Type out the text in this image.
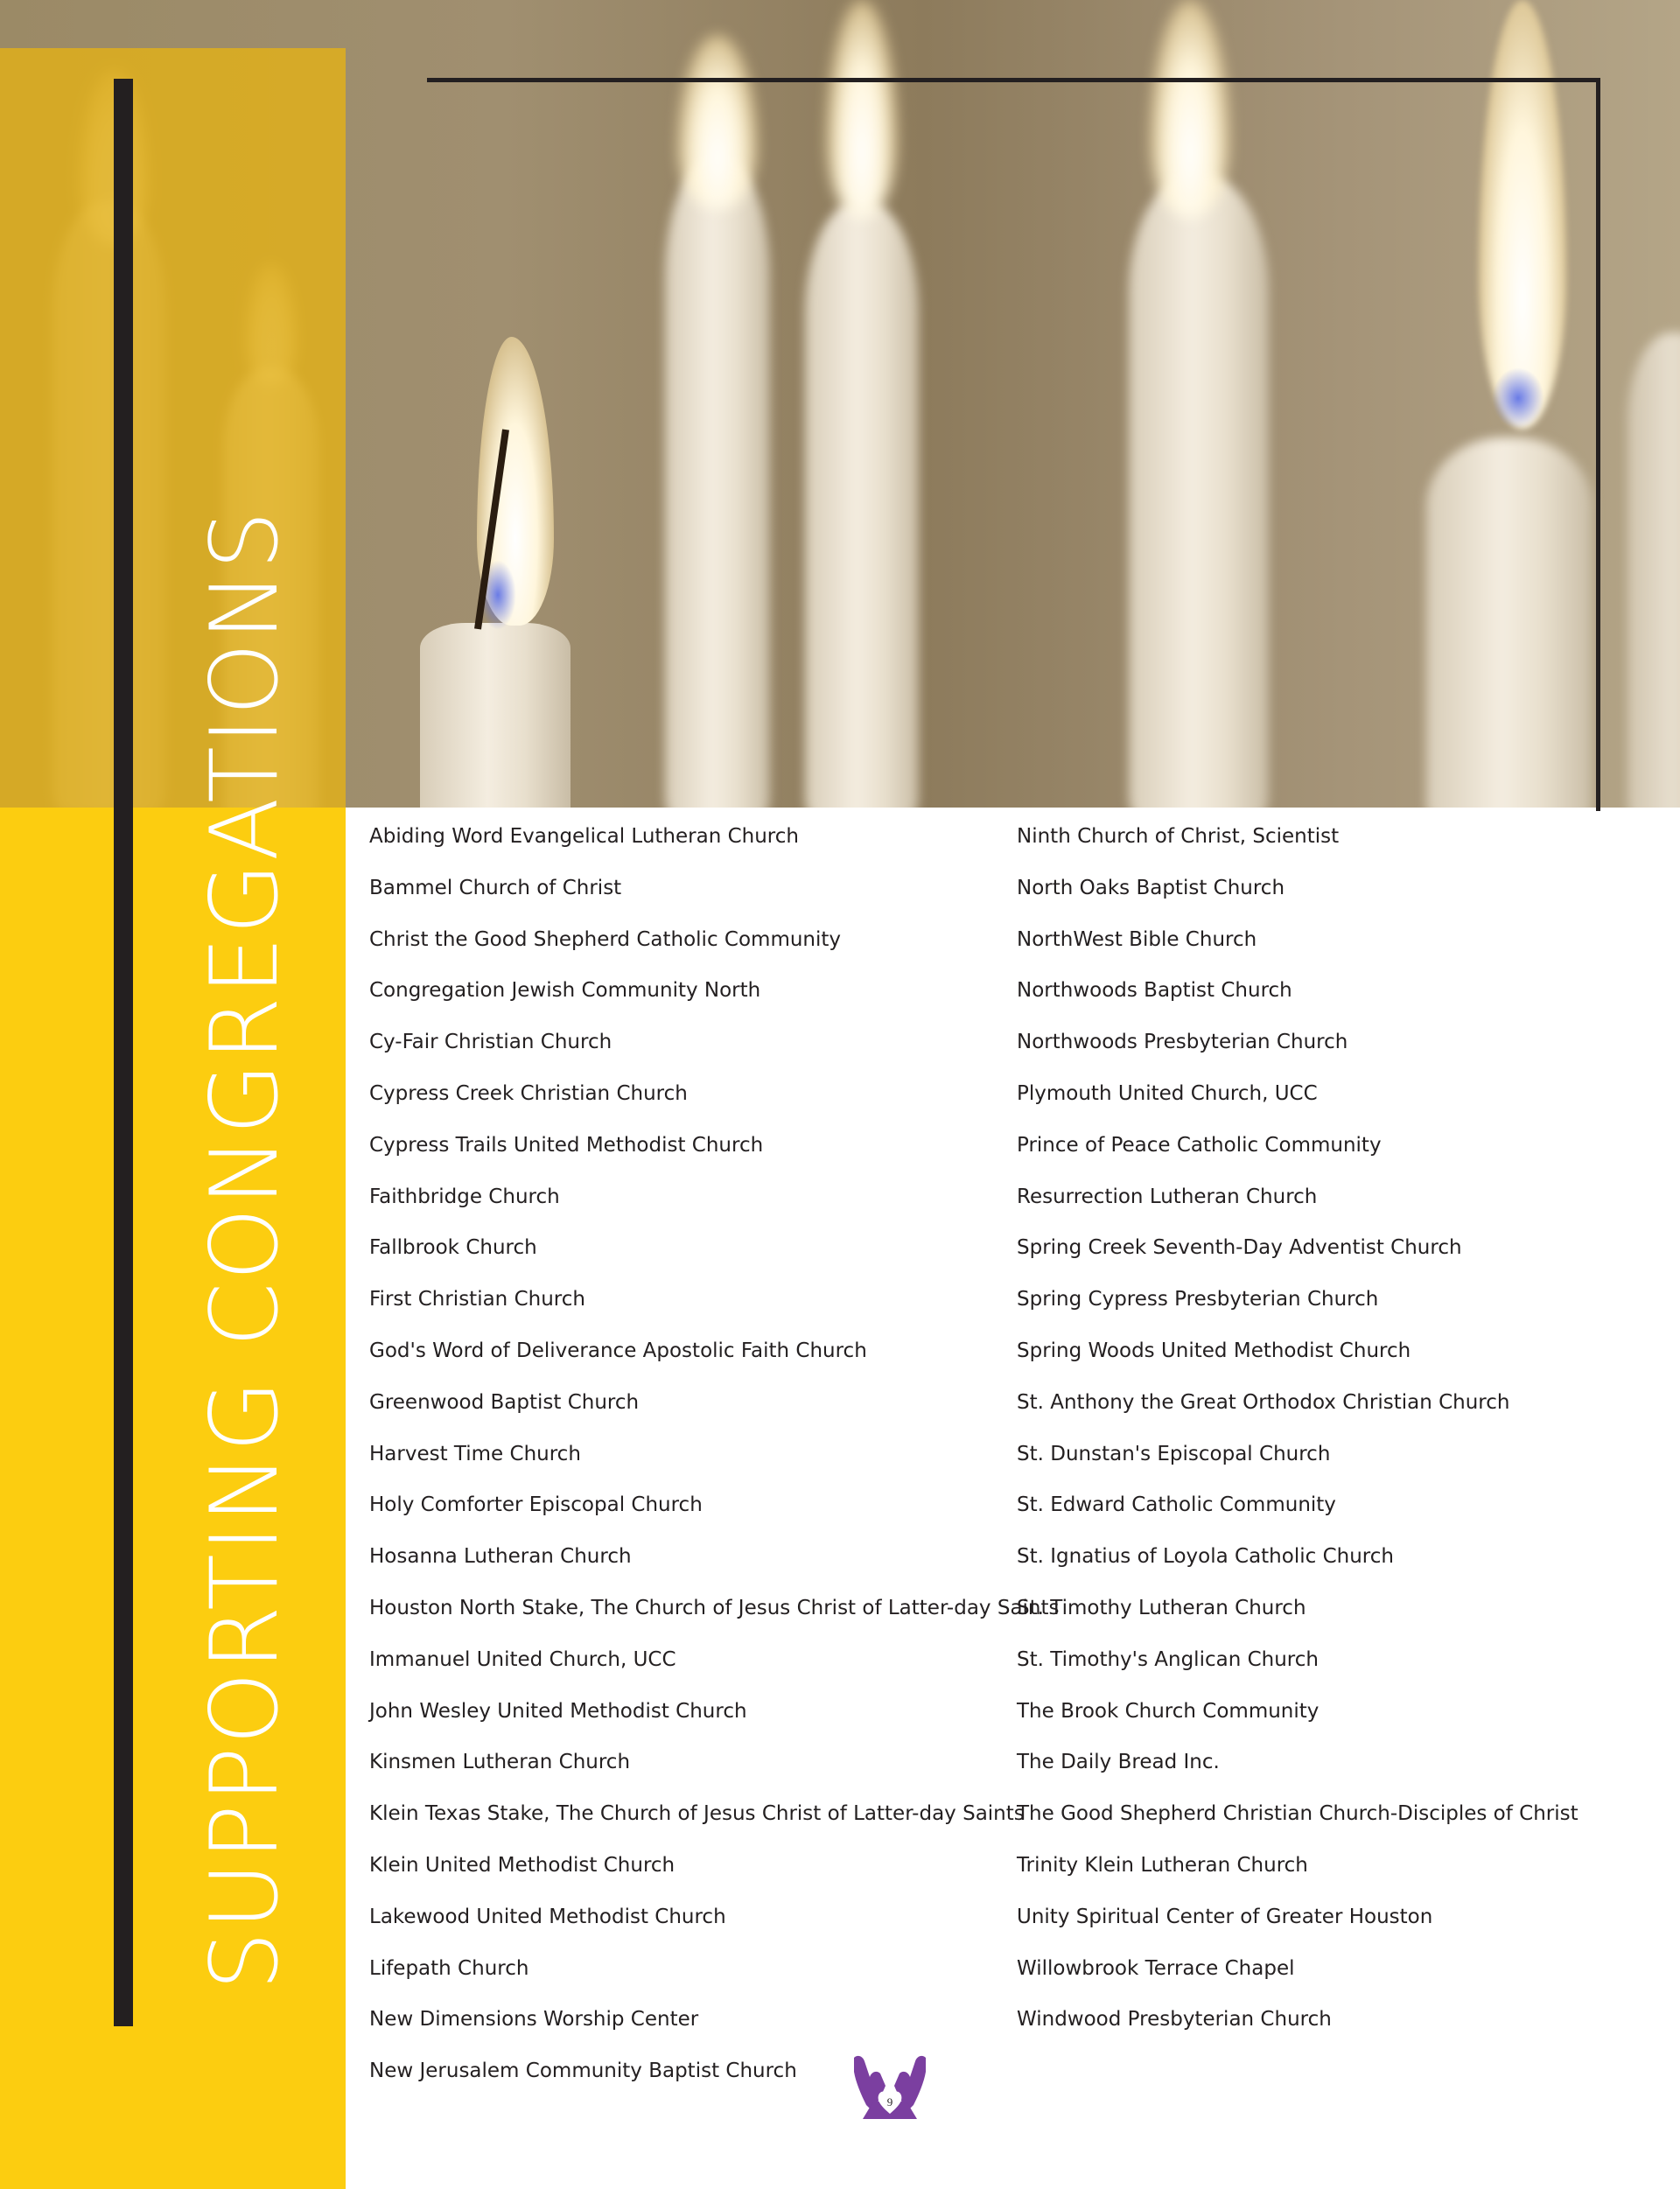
SUPPORTING CONGREGATIONS	Abiding Word Evangelical Lutheran Church
Bammel Church of Christ
Christ the Good Shepherd Catholic Community
Congregation Jewish Community North
Cy-Fair Christian Church
Cypress Creek Christian Church
Cypress Trails United Methodist Church
Faithbridge Church
Fallbrook Church
First Christian Church
God's Word of Deliverance Apostolic Faith Church
Greenwood Baptist Church
Harvest Time Church
Holy Comforter Episcopal Church
Hosanna Lutheran Church
Houston North Stake, The Church of Jesus Christ of Latter-day Saints
Immanuel United Church, UCC
John Wesley United Methodist Church
Kinsmen Lutheran Church
Klein Texas Stake, The Church of Jesus Christ of Latter-day Saints
Klein United Methodist Church
Lakewood United Methodist Church
Lifepath Church
New Dimensions Worship Center
New Jerusalem Community Baptist Church
Ninth Church of Christ, Scientist
North Oaks Baptist Church
NorthWest Bible Church
Northwoods Baptist Church
Northwoods Presbyterian Church
Plymouth United Church, UCC
Prince of Peace Catholic Community
Resurrection Lutheran Church
Spring Creek Seventh-Day Adventist Church
Spring Cypress Presbyterian Church
Spring Woods United Methodist Church
St. Anthony the Great Orthodox Christian Church
St. Dunstan's Episcopal Church
St. Edward Catholic Community
St. Ignatius of Loyola Catholic Church
St. Timothy Lutheran Church
St. Timothy's Anglican Church
The Brook Church Community
The Daily Bread Inc.
The Good Shepherd Christian Church-Disciples of Christ
Trinity Klein Lutheran Church
Unity Spiritual Center of Greater Houston
Willowbrook Terrace Chapel
Windwood Presbyterian Church
9
